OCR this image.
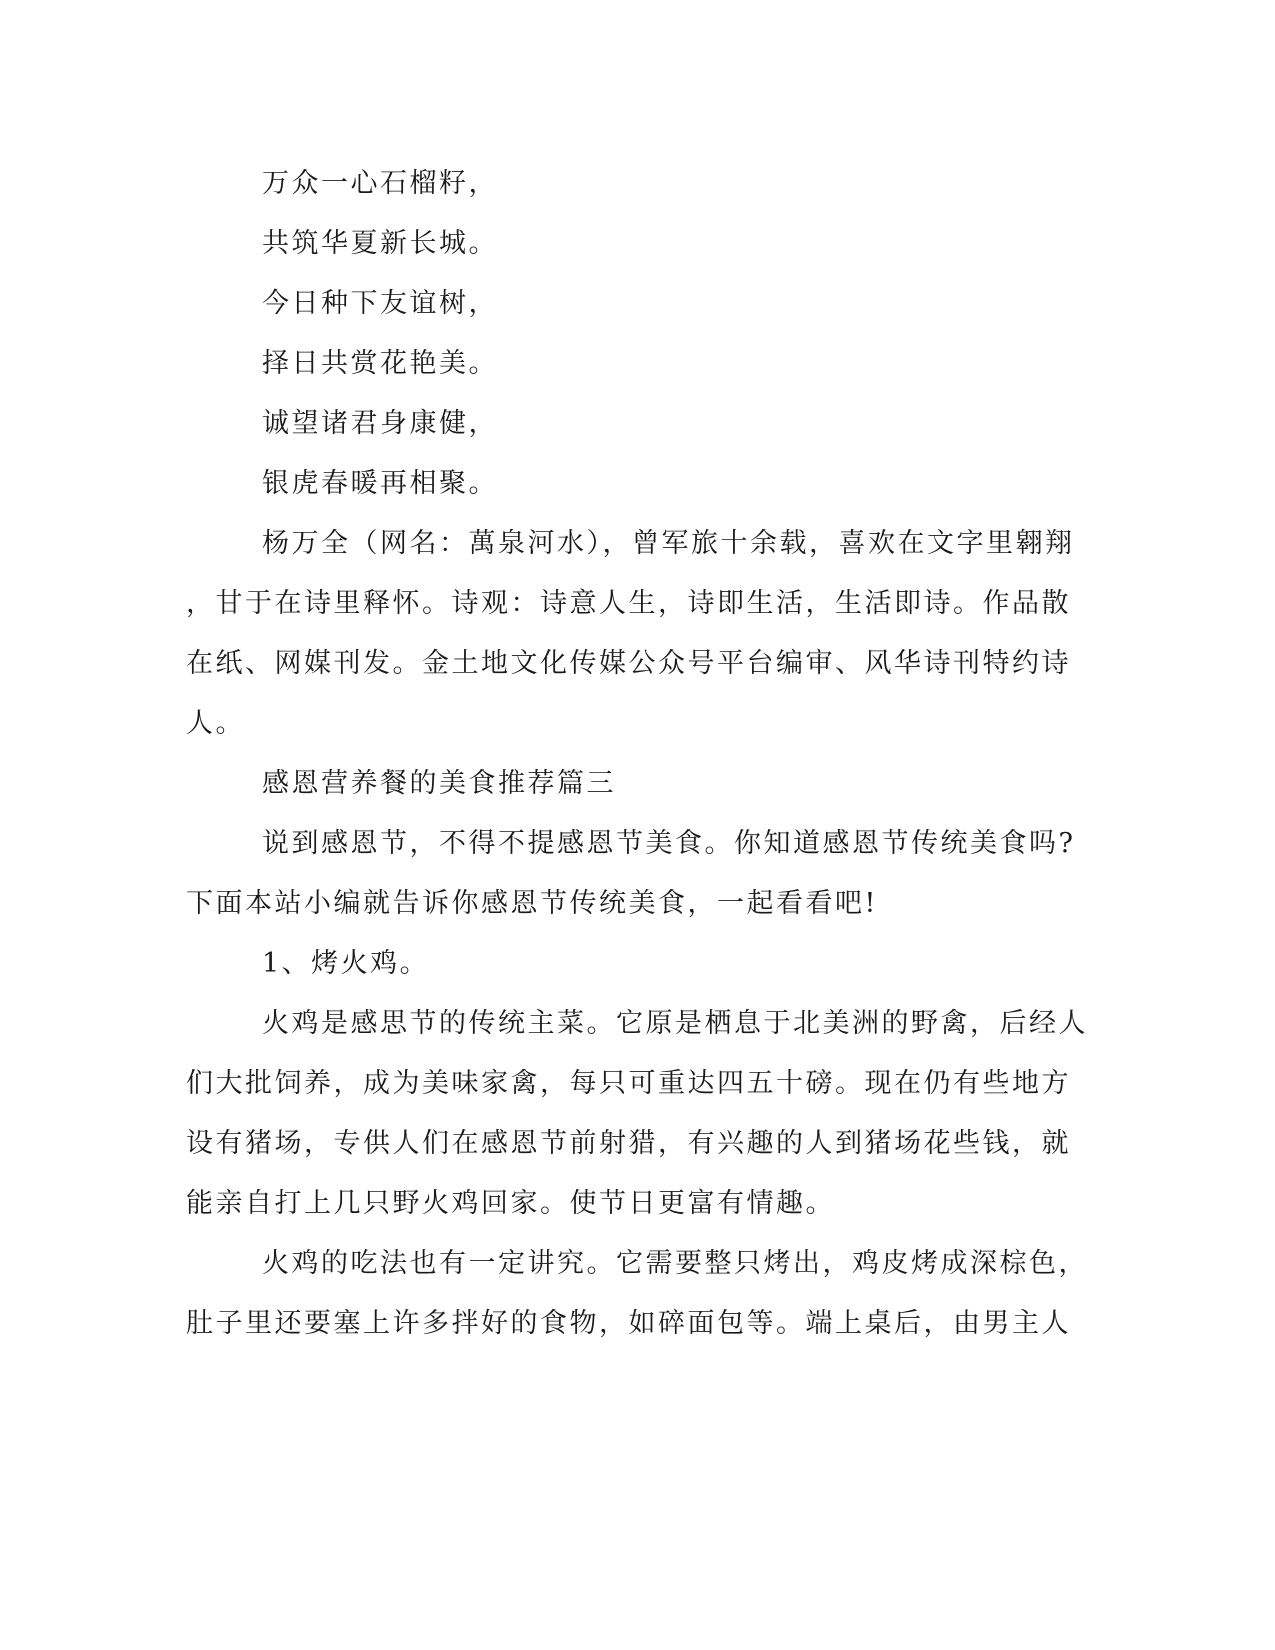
万众一心石榴籽，

共筑华夏新长城。

今日种下友谊树，

择日共赏花艳美。

诚望诸君身康健，

银虎春暖再相聚。

杨万全（网名：萬泉河水），曾军旅十余载，喜欢在文字里翱翔

，甘于在诗里释怀。诗观：诗意人生，诗即生活，生活即诗。作品散

在纸、网媒刊发。金土地文化传媒公众号平台编审、风华诗刊特约诗

人。

感恩营养餐的美食推荐篇三

说到感恩节，不得不提感恩节美食。你知道感恩节传统美食吗?

下面本站小编就告诉你感恩节传统美食，一起看看吧!

1、烤火鸡。

火鸡是感思节的传统主菜。它原是栖息于北美洲的野禽，后经人

们大批饲养，成为美味家禽，每只可重达四五十磅。现在仍有些地方

设有猪场，专供人们在感恩节前射猎，有兴趣的人到猪场花些钱，就

能亲自打上几只野火鸡回家。使节日更富有情趣。

火鸡的吃法也有一定讲究。它需要整只烤出，鸡皮烤成深棕色，

肚子里还要塞上许多拌好的食物，如碎面包等。端上桌后，由男主人
